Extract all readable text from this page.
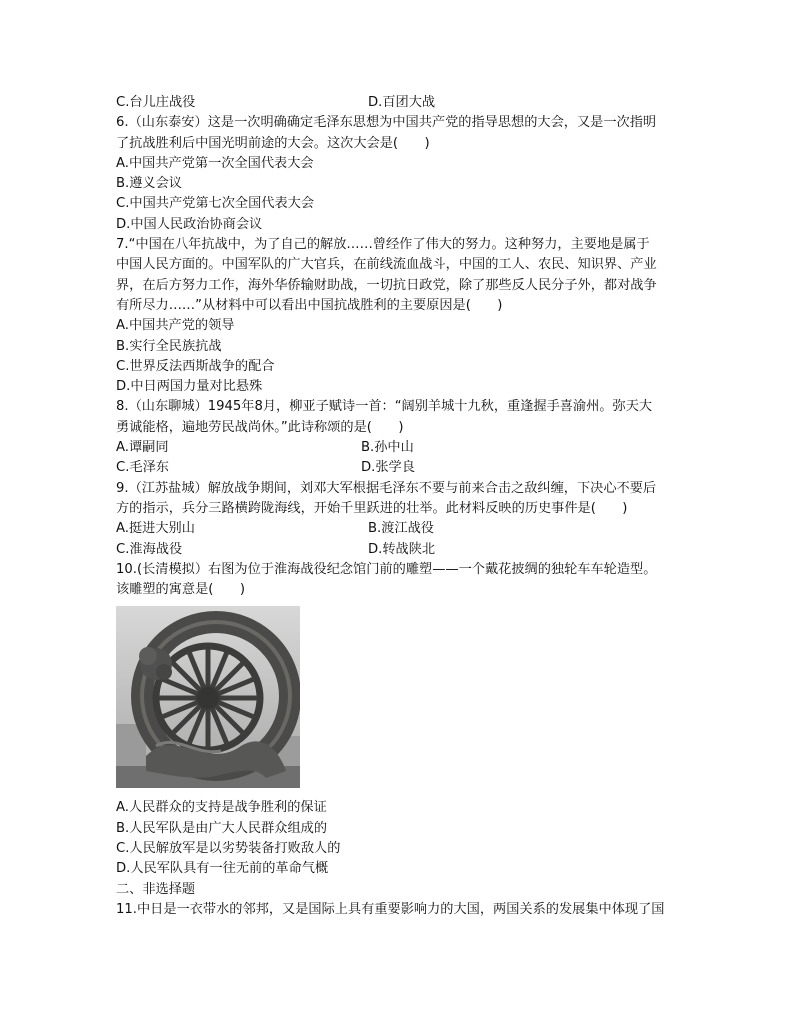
C.台儿庄战役	D.百团大战
6.（山东泰安）这是一次明确确定毛泽东思想为中国共产党的指导思想的大会，又是一次指明
了抗战胜利后中国光明前途的大会。这次大会是(　　)
A.中国共产党第一次全国代表大会
B.遵义会议
C.中国共产党第七次全国代表大会
D.中国人民政治协商会议
7.“中国在八年抗战中，为了自己的解放……曾经作了伟大的努力。这种努力，主要地是属于
中国人民方面的。中国军队的广大官兵，在前线流血战斗，中国的工人、农民、知识界、产业
界，在后方努力工作，海外华侨输财助战，一切抗日政党，除了那些反人民分子外，都对战争
有所尽力……”从材料中可以看出中国抗战胜利的主要原因是(　　)
A.中国共产党的领导
B.实行全民族抗战
C.世界反法西斯战争的配合
D.中日两国力量对比悬殊
8.（山东聊城）1945年8月，柳亚子赋诗一首：“阔别羊城十九秋，重逢握手喜渝州。弥天大
勇诚能格，遍地劳民战尚休。”此诗称颂的是(　　)
A.谭嗣同	B.孙中山
C.毛泽东	D.张学良
9.（江苏盐城）解放战争期间，刘邓大军根据毛泽东不要与前来合击之敌纠缠，下决心不要后
方的指示，兵分三路横跨陇海线，开始千里跃进的壮举。此材料反映的历史事件是(　　)
A.挺进大别山	B.渡江战役
C.淮海战役	D.转战陕北
10.(长清模拟）右图为位于淮海战役纪念馆门前的雕塑——一个戴花披绸的独轮车车轮造型。
该雕塑的寓意是(　　)
A.人民群众的支持是战争胜利的保证
B.人民军队是由广大人民群众组成的
C.人民解放军是以劣势装备打败敌人的
D.人民军队具有一往无前的革命气概
二、非选择题
11.中日是一衣带水的邻邦，又是国际上具有重要影响力的大国，两国关系的发展集中体现了国
